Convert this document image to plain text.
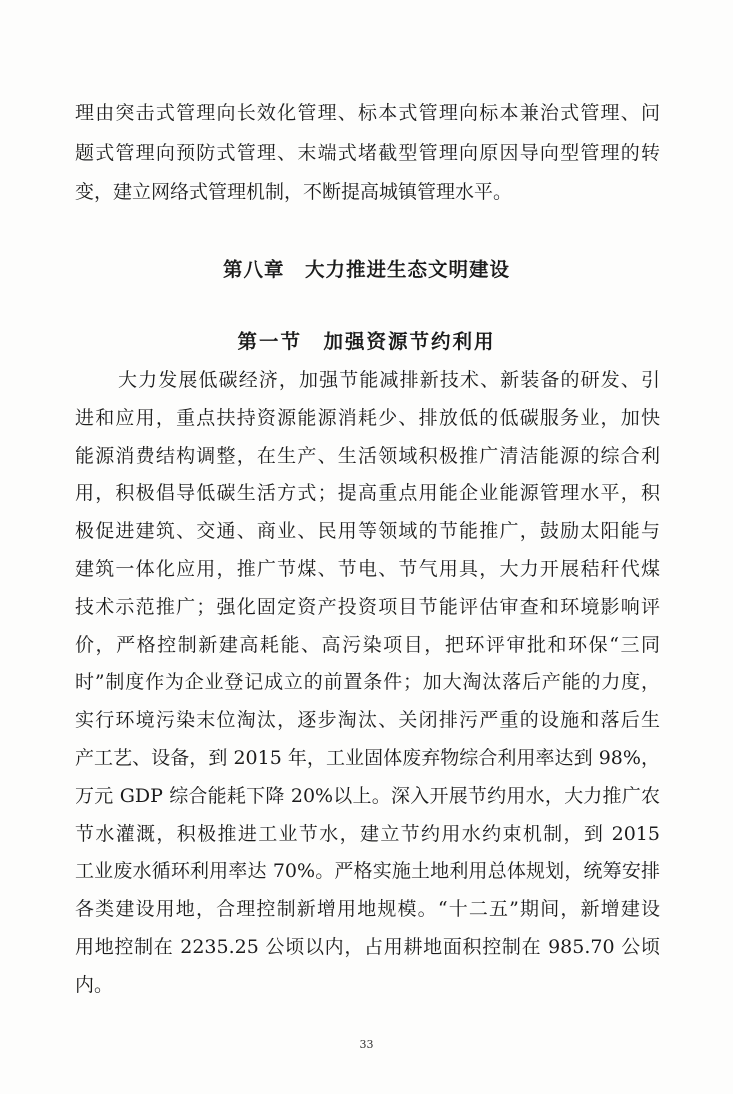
理由突击式管理向长效化管理、标本式管理向标本兼治式管理、问
题式管理向预防式管理、末端式堵截型管理向原因导向型管理的转
变，建立网络式管理机制，不断提高城镇管理水平。
第八章　大力推进生态文明建设
第一节　加强资源节约利用
大力发展低碳经济，加强节能减排新技术、新装备的研发、引
进和应用，重点扶持资源能源消耗少、排放低的低碳服务业，加快
能源消费结构调整，在生产、生活领域积极推广清洁能源的综合利
用，积极倡导低碳生活方式；提高重点用能企业能源管理水平，积
极促进建筑、交通、商业、民用等领域的节能推广，鼓励太阳能与
建筑一体化应用，推广节煤、节电、节气用具，大力开展秸秆代煤
技术示范推广；强化固定资产投资项目节能评估审查和环境影响评
价，严格控制新建高耗能、高污染项目，把环评审批和环保“三同
时”制度作为企业登记成立的前置条件；加大淘汰落后产能的力度，
实行环境污染末位淘汰，逐步淘汰、关闭排污严重的设施和落后生
产工艺、设备，到 2015 年，工业固体废弃物综合利用率达到 98%，
万元 GDP 综合能耗下降 20%以上。深入开展节约用水，大力推广农
节水灌溉，积极推进工业节水，建立节约用水约束机制，到 2015
工业废水循环利用率达 70%。严格实施土地利用总体规划，统筹安排
各类建设用地，合理控制新增用地规模。“十二五”期间，新增建设
用地控制在 2235.25 公顷以内，占用耕地面积控制在 985.70 公顷
内。
33
